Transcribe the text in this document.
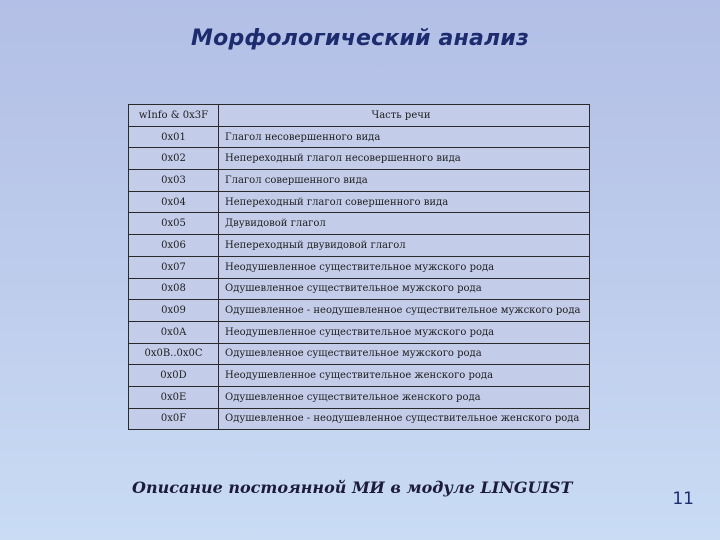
Морфологический анализ
wInfo & 0x3F	Часть речи
0x01	Глагол несовершенного вида
0x02	Непереходный глагол несовершенного вида
0x03	Глагол совершенного вида
0x04	Непереходный глагол совершенного вида
0x05	Двувидовой глагол
0x06	Непереходный двувидовой глагол
0x07	Неодушевленное существительное мужского рода
0x08	Одушевленное существительное мужского рода
0x09	Одушевленное - неодушевленное существительное мужского рода
0x0A	Неодушевленное существительное мужского рода
0x0B..0x0C	Одушевленное существительное мужского рода
0x0D	Неодушевленное существительное женского рода
0x0E	Одушевленное существительное женского рода
0x0F	Одушевленное - неодушевленное существительное женского рода
Описание постоянной МИ в модуле LINGUIST
11
